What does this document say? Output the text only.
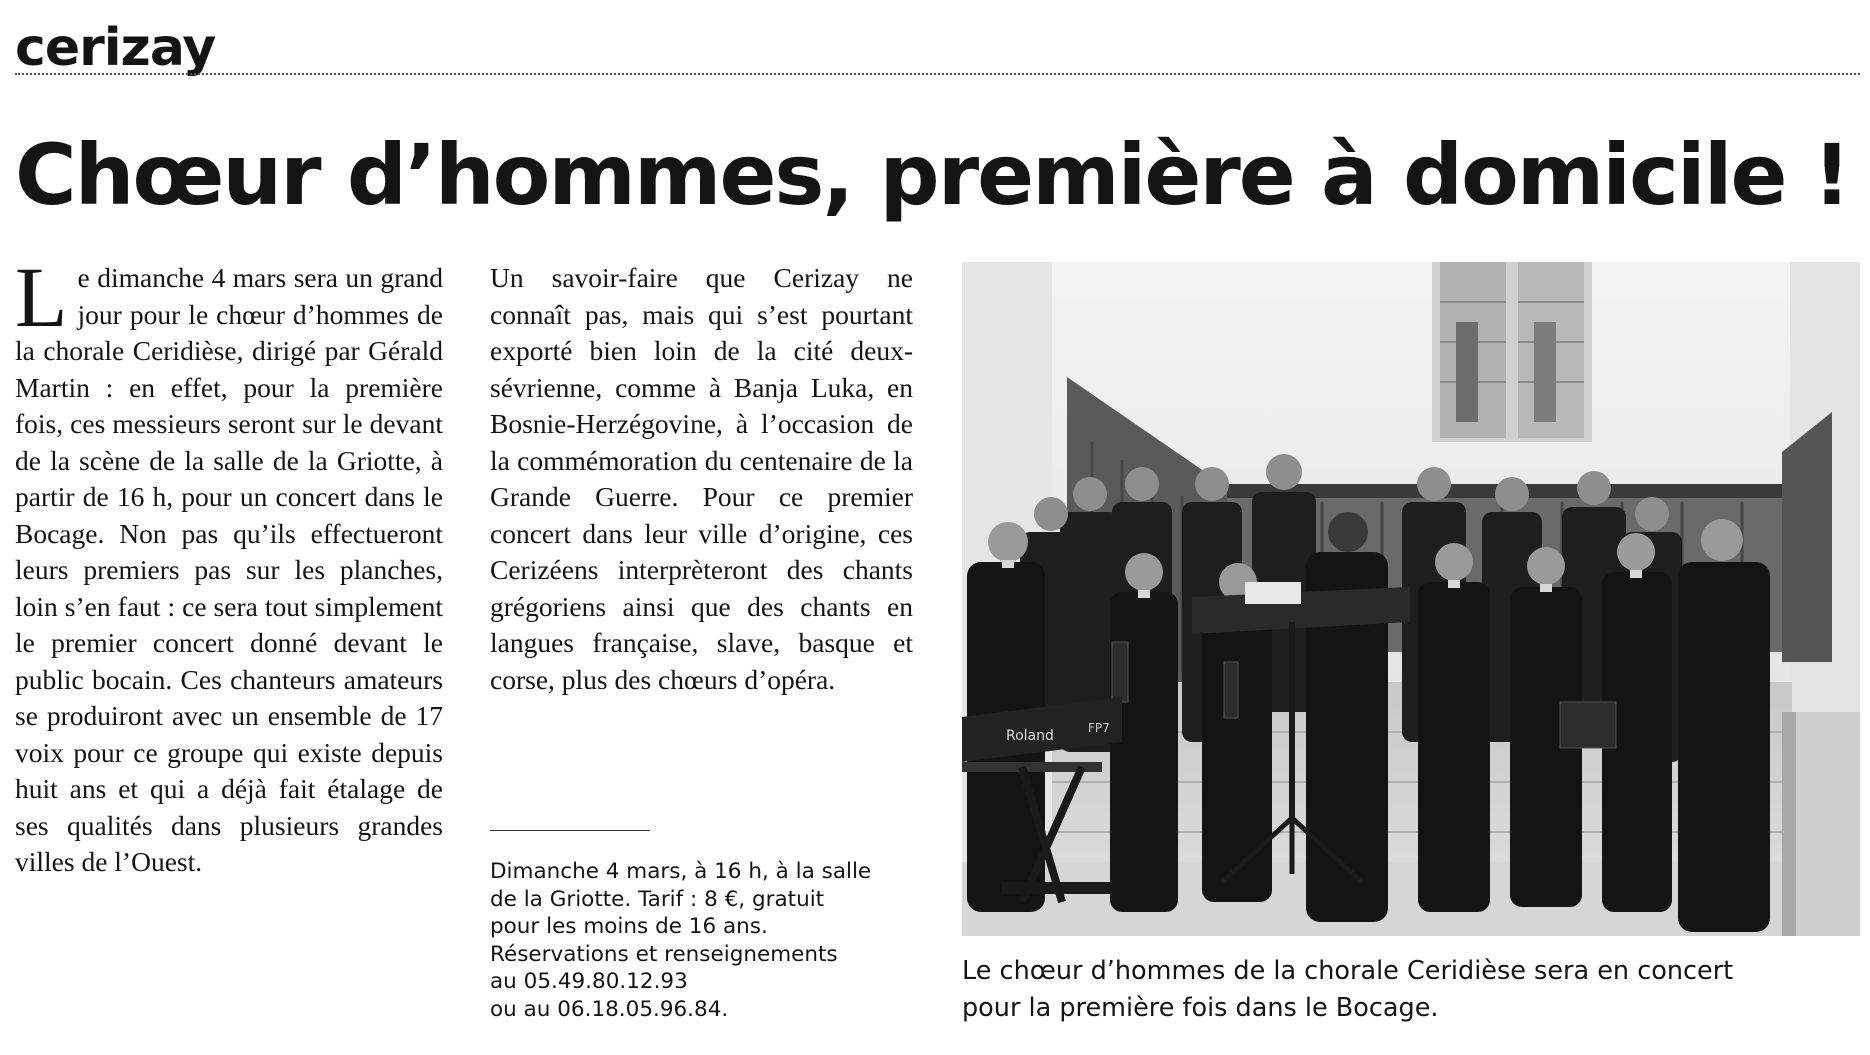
cerizay
Chœur d’hommes, première à domicile !
Le dimanche 4 mars sera un grand jour pour le chœur d’hommes de la chorale Ceridièse, dirigé par Gérald Martin : en effet, pour la première fois, ces messieurs seront sur le devant de la scène de la salle de la Griotte, à partir de 16 h, pour un concert dans le Bocage. Non pas qu’ils effectueront leurs premiers pas sur les planches, loin s’en faut : ce sera tout simplement le premier concert donné devant le public bocain. Ces chanteurs amateurs se produiront avec un ensemble de 17 voix pour ce groupe qui existe depuis huit ans et qui a déjà fait étalage de ses qualités dans plusieurs grandes villes de l’Ouest.
Un savoir-faire que Cerizay ne connaît pas, mais qui s’est pourtant exporté bien loin de la cité deux-sévrienne, comme à Banja Luka, en Bosnie-Herzégovine, à l’occasion de la commémoration du centenaire de la Grande Guerre. Pour ce premier concert dans leur ville d’origine, ces Cerizéens interprèteront des chants grégoriens ainsi que des chants en langues française, slave, basque et corse, plus des chœurs d’opéra.

Dimanche 4 mars, à 16 h, à la salle

de la Griotte. Tarif : 8 €, gratuit

pour les moins de 16 ans.

Réservations et renseignements

au 05.49.80.12.93

ou au 06.18.05.96.84.

Roland	FP7

Le chœur d’hommes de la chorale Ceridièse sera en concert

pour la première fois dans le Bocage.
